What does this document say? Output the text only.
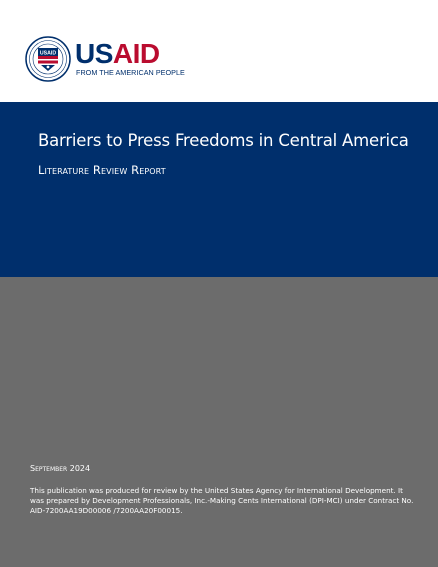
USAID USAID
FROM THE AMERICAN PEOPLE
Barriers to Press Freedoms in Central America
Literature Review Report
September 2024
This publication was produced for review by the United States Agency for International Development. It was prepared by Development Professionals, Inc.-Making Cents International (DPI-MCI) under Contract No. AID-7200AA19D00006 /7200AA20F00015.
